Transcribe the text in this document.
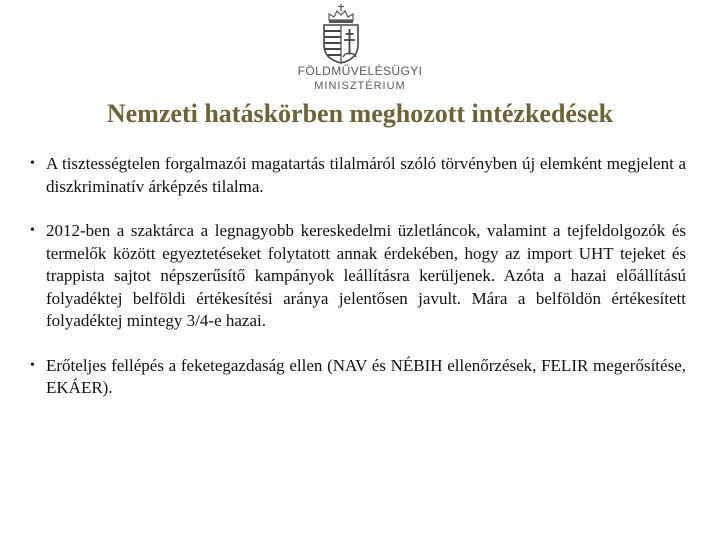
FÖLDMŰVELÉSÜGYI
MINISZTÉRIUM
Nemzeti hatáskörben meghozott intézkedések
• A tisztességtelen forgalmazói magatartás tilalmáról szóló törvényben új elemként megjelent a diszkriminatív árképzés tilalma.
• 2012-ben a szaktárca a legnagyobb kereskedelmi üzletláncok, valamint a tejfeldolgozók és termelők között egyeztetéseket folytatott annak érdekében, hogy az import UHT tejeket és trappista sajtot népszerűsítő kampányok leállításra kerüljenek. Azóta a hazai előállítású folyadéktej belföldi értékesítési aránya jelentősen javult. Mára a belföldön értékesített folyadéktej mintegy 3/4-e hazai.
• Erőteljes fellépés a feketegazdaság ellen (NAV és NÉBIH ellenőrzések, FELIR megerősítése, EKÁER).
